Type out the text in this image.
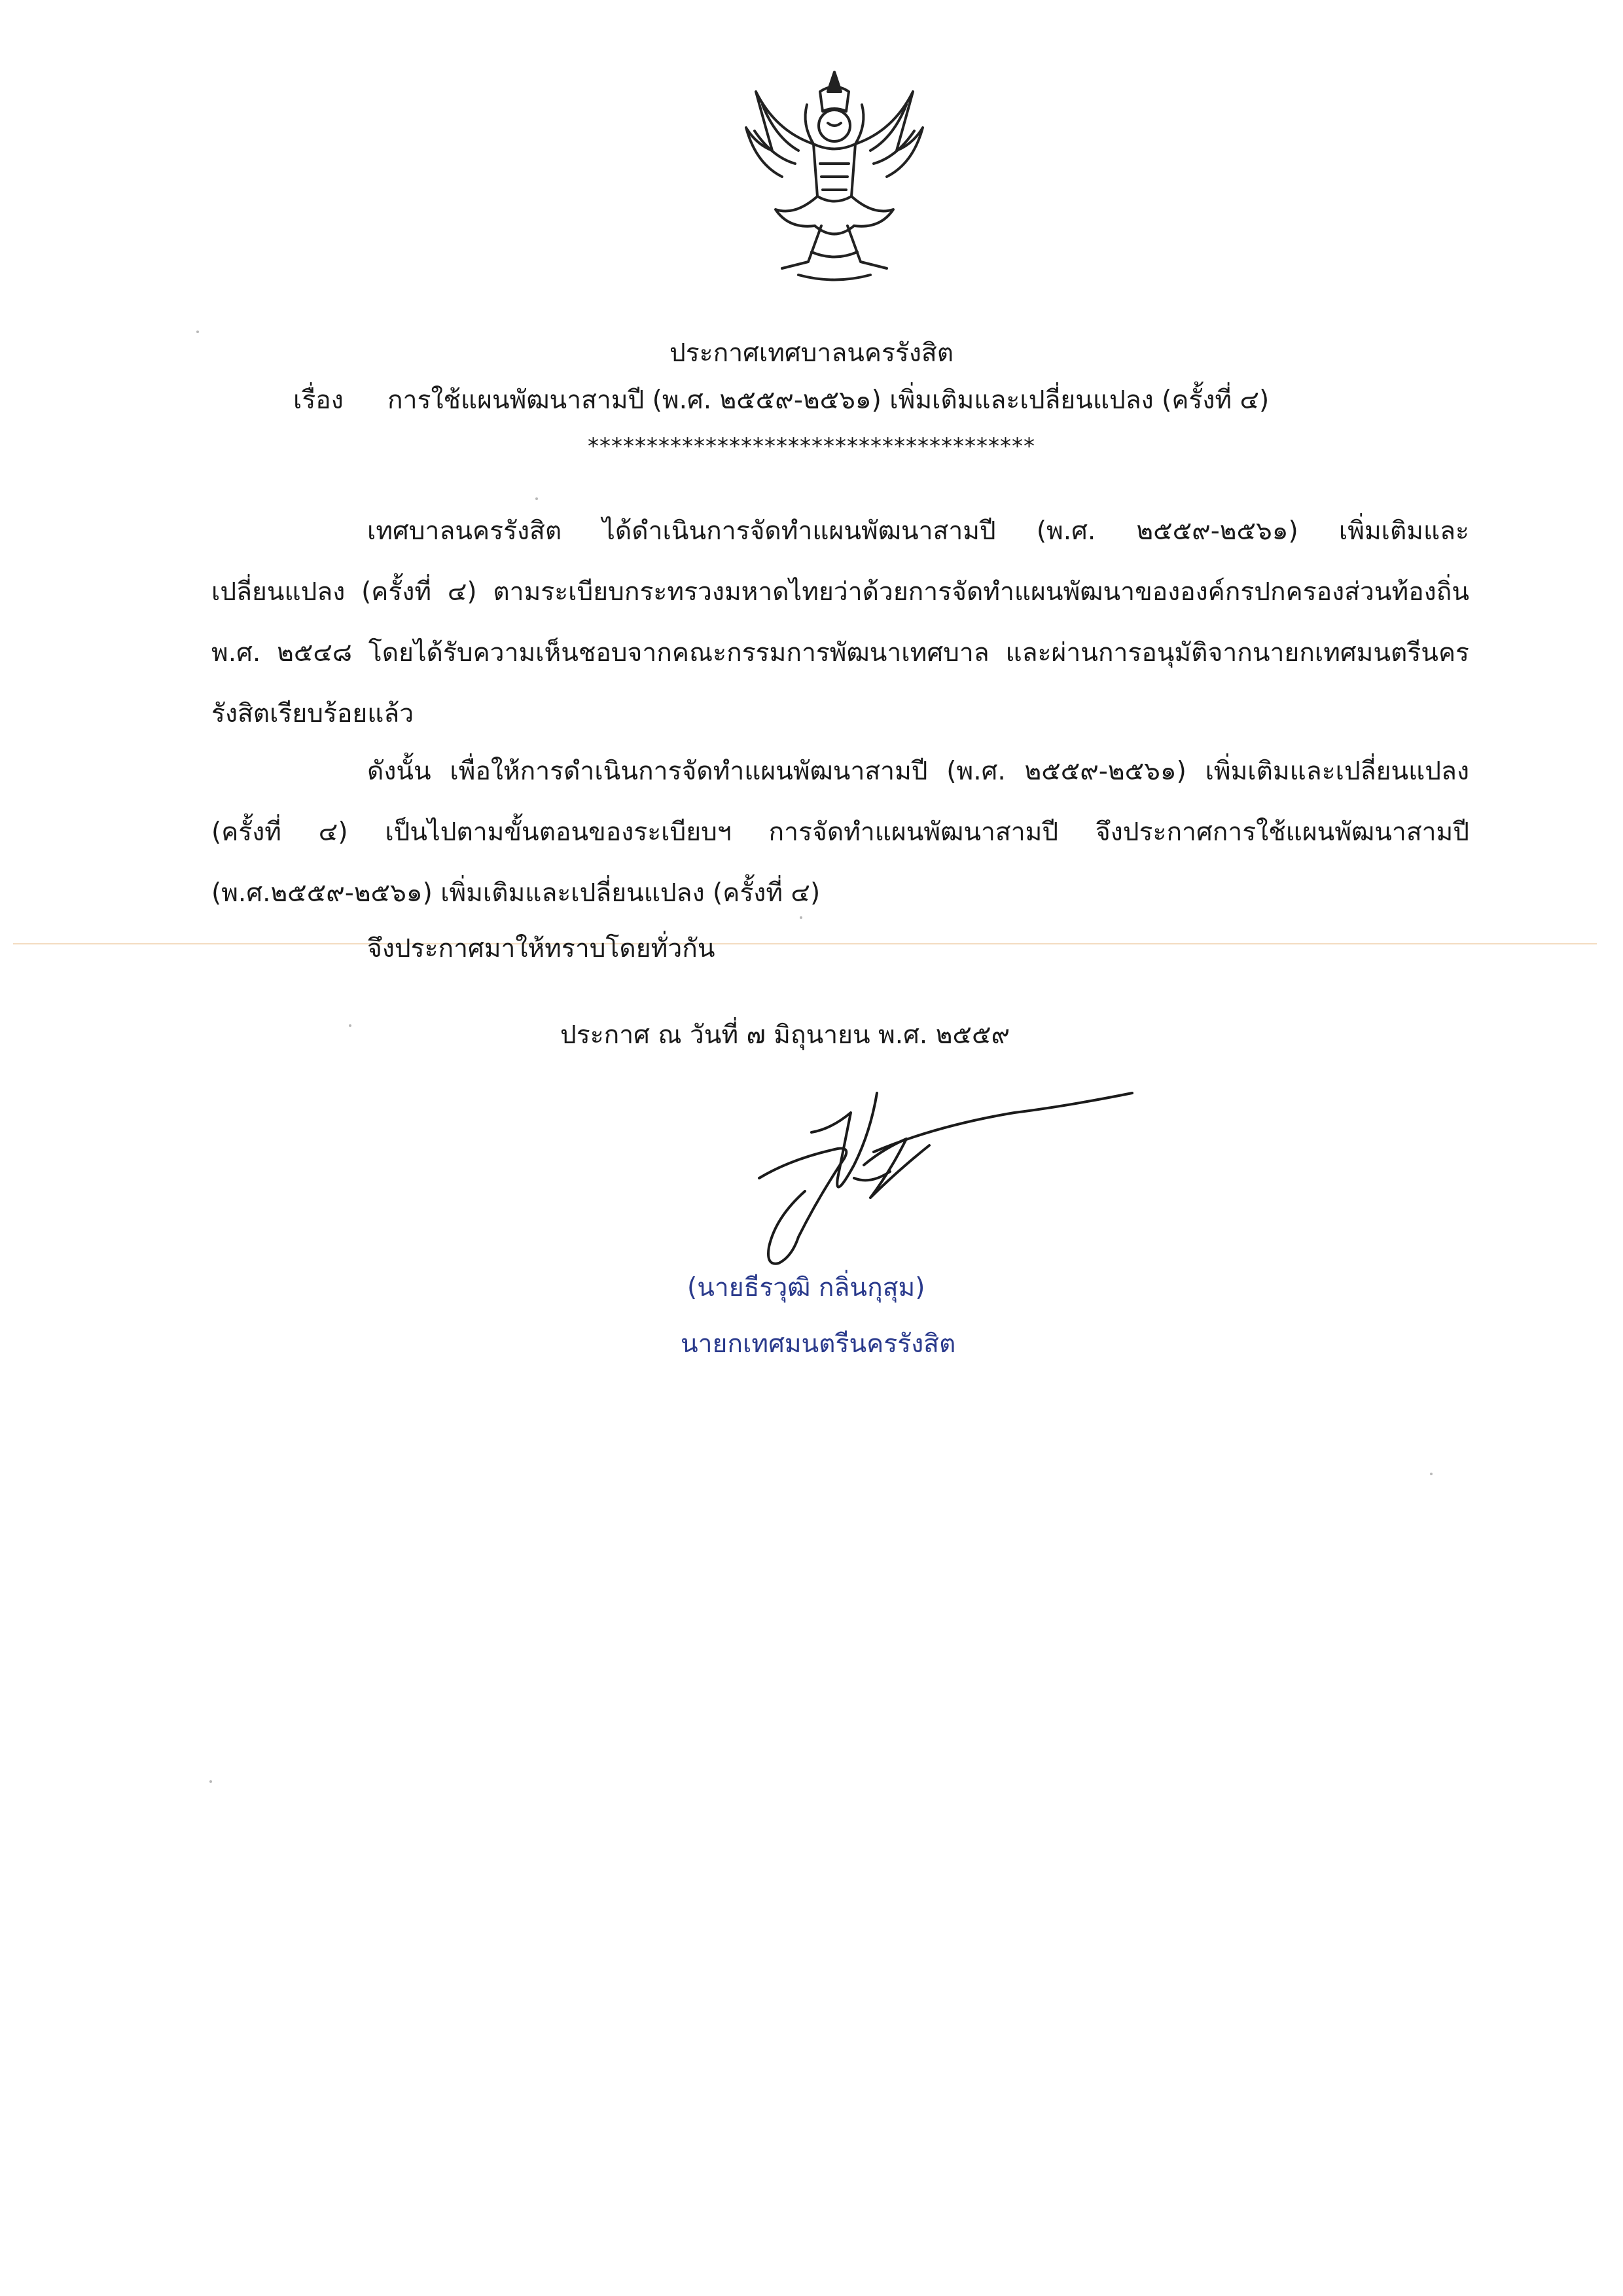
ประกาศเทศบาลนครรังสิต
เรื่อง การใช้แผนพัฒนาสามปี (พ.ศ. ๒๕๕๙-๒๕๖๑) เพิ่มเติมและเปลี่ยนแปลง (ครั้งที่ ๔)
**************************************
เทศบาลนครรังสิต ได้ดำเนินการจัดทำแผนพัฒนาสามปี (พ.ศ. ๒๕๕๙-๒๕๖๑) เพิ่มเติมและเปลี่ยนแปลง (ครั้งที่ ๔) ตามระเบียบกระทรวงมหาดไทยว่าด้วยการจัดทำแผนพัฒนาขององค์กรปกครองส่วนท้องถิ่น พ.ศ. ๒๕๔๘ โดยได้รับความเห็นชอบจากคณะกรรมการพัฒนาเทศบาล และผ่านการอนุมัติจากนายกเทศมนตรีนครรังสิตเรียบร้อยแล้ว
ดังนั้น เพื่อให้การดำเนินการจัดทำแผนพัฒนาสามปี (พ.ศ. ๒๕๕๙-๒๕๖๑) เพิ่มเติมและเปลี่ยนแปลง (ครั้งที่ ๔) เป็นไปตามขั้นตอนของระเบียบฯ การจัดทำแผนพัฒนาสามปี จึงประกาศการใช้แผนพัฒนาสามปี (พ.ศ.๒๕๕๙-๒๕๖๑) เพิ่มเติมและเปลี่ยนแปลง (ครั้งที่ ๔)
จึงประกาศมาให้ทราบโดยทั่วกัน
ประกาศ ณ วันที่ ๗ มิถุนายน พ.ศ. ๒๕๕๙
(นายธีรวุฒิ กลิ่นกุสุม)
นายกเทศมนตรีนครรังสิต
